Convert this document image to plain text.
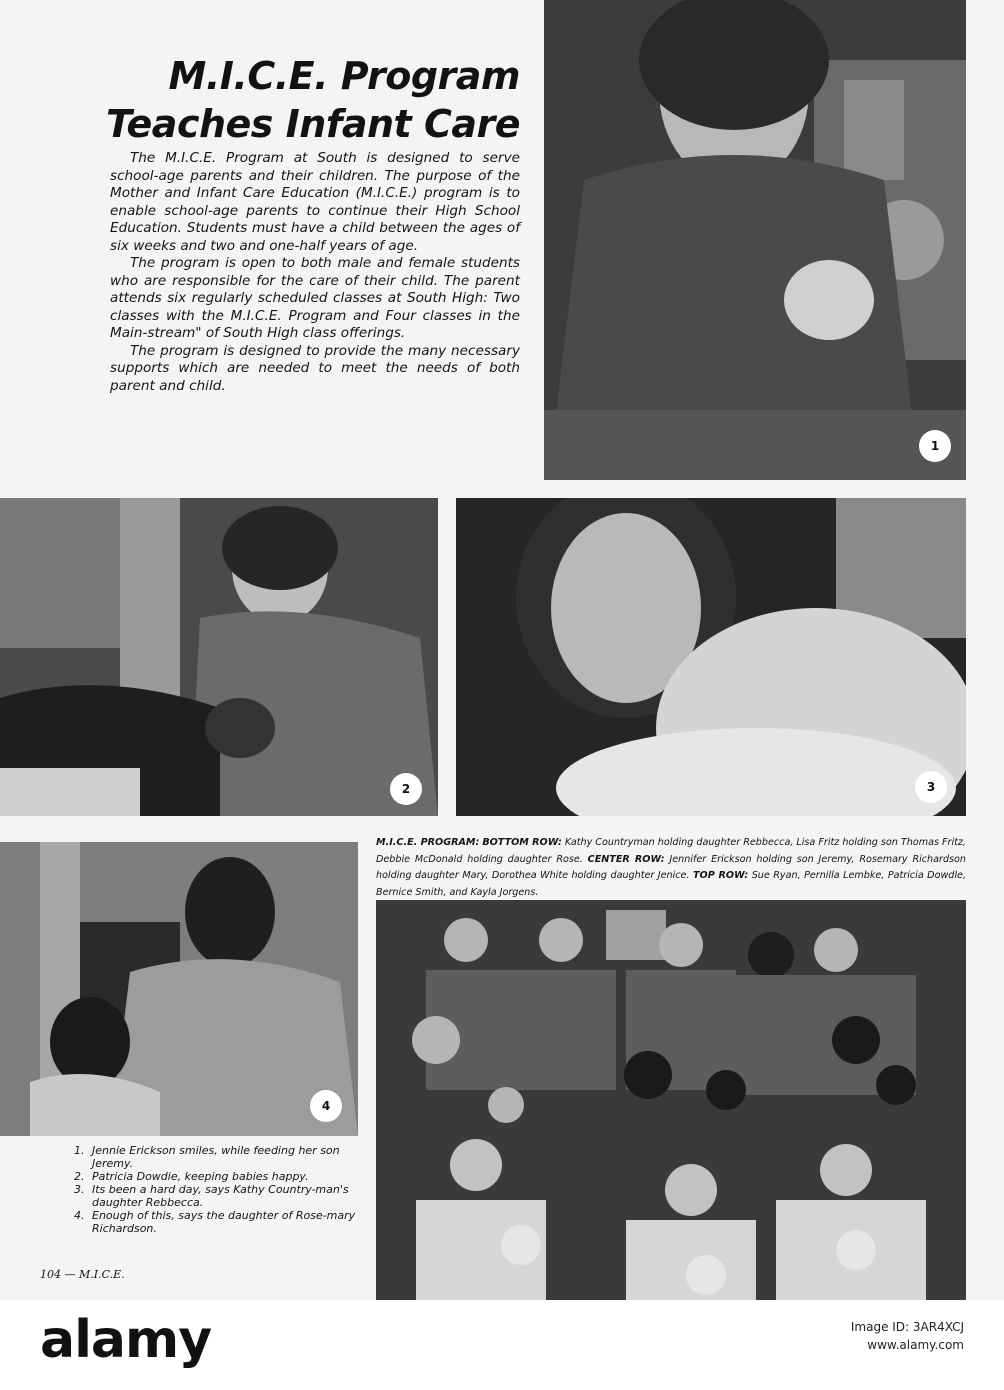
M.I.C.E. Program
Teaches Infant Care

The M.I.C.E. Program at South is designed to serve school-age parents and their children. The purpose of the Mother and Infant Care Education (M.I.C.E.) program is to enable school-age parents to continue their High School Education. Students must have a child between the ages of six weeks and two and one-half years of age.

The program is open to both male and female students who are responsible for the care of their child. The parent attends six regularly scheduled classes at South High: Two classes with the M.I.C.E. Program and Four classes in the Main-stream" of South High class offerings.

The program is designed to provide the many necessary supports which are needed to meet the needs of both parent and child.

1
2	3
4
M.I.C.E. PROGRAM: BOTTOM ROW: Kathy Countryman holding daughter Rebbecca, Lisa Fritz holding son Thomas Fritz, Debbie McDonald holding daughter Rose. CENTER ROW: Jennifer Erickson holding son Jeremy, Rosemary Richardson holding daughter Mary, Dorothea White holding daughter Jenice. TOP ROW: Sue Ryan, Pernilla Lembke, Patricia Dowdle, Bernice Smith, and Kayla Jorgens.
1. Jennie Erickson smiles, while feeding her son Jeremy.
2. Patricia Dowdie, keeping babies happy.
3. Its been a hard day, says Kathy Country-man's daughter Rebbecca.
4. Enough of this, says the daughter of Rose-mary Richardson.
104 — M.I.C.E.
alamy	Image ID: 3AR4XCJ
www.alamy.com
